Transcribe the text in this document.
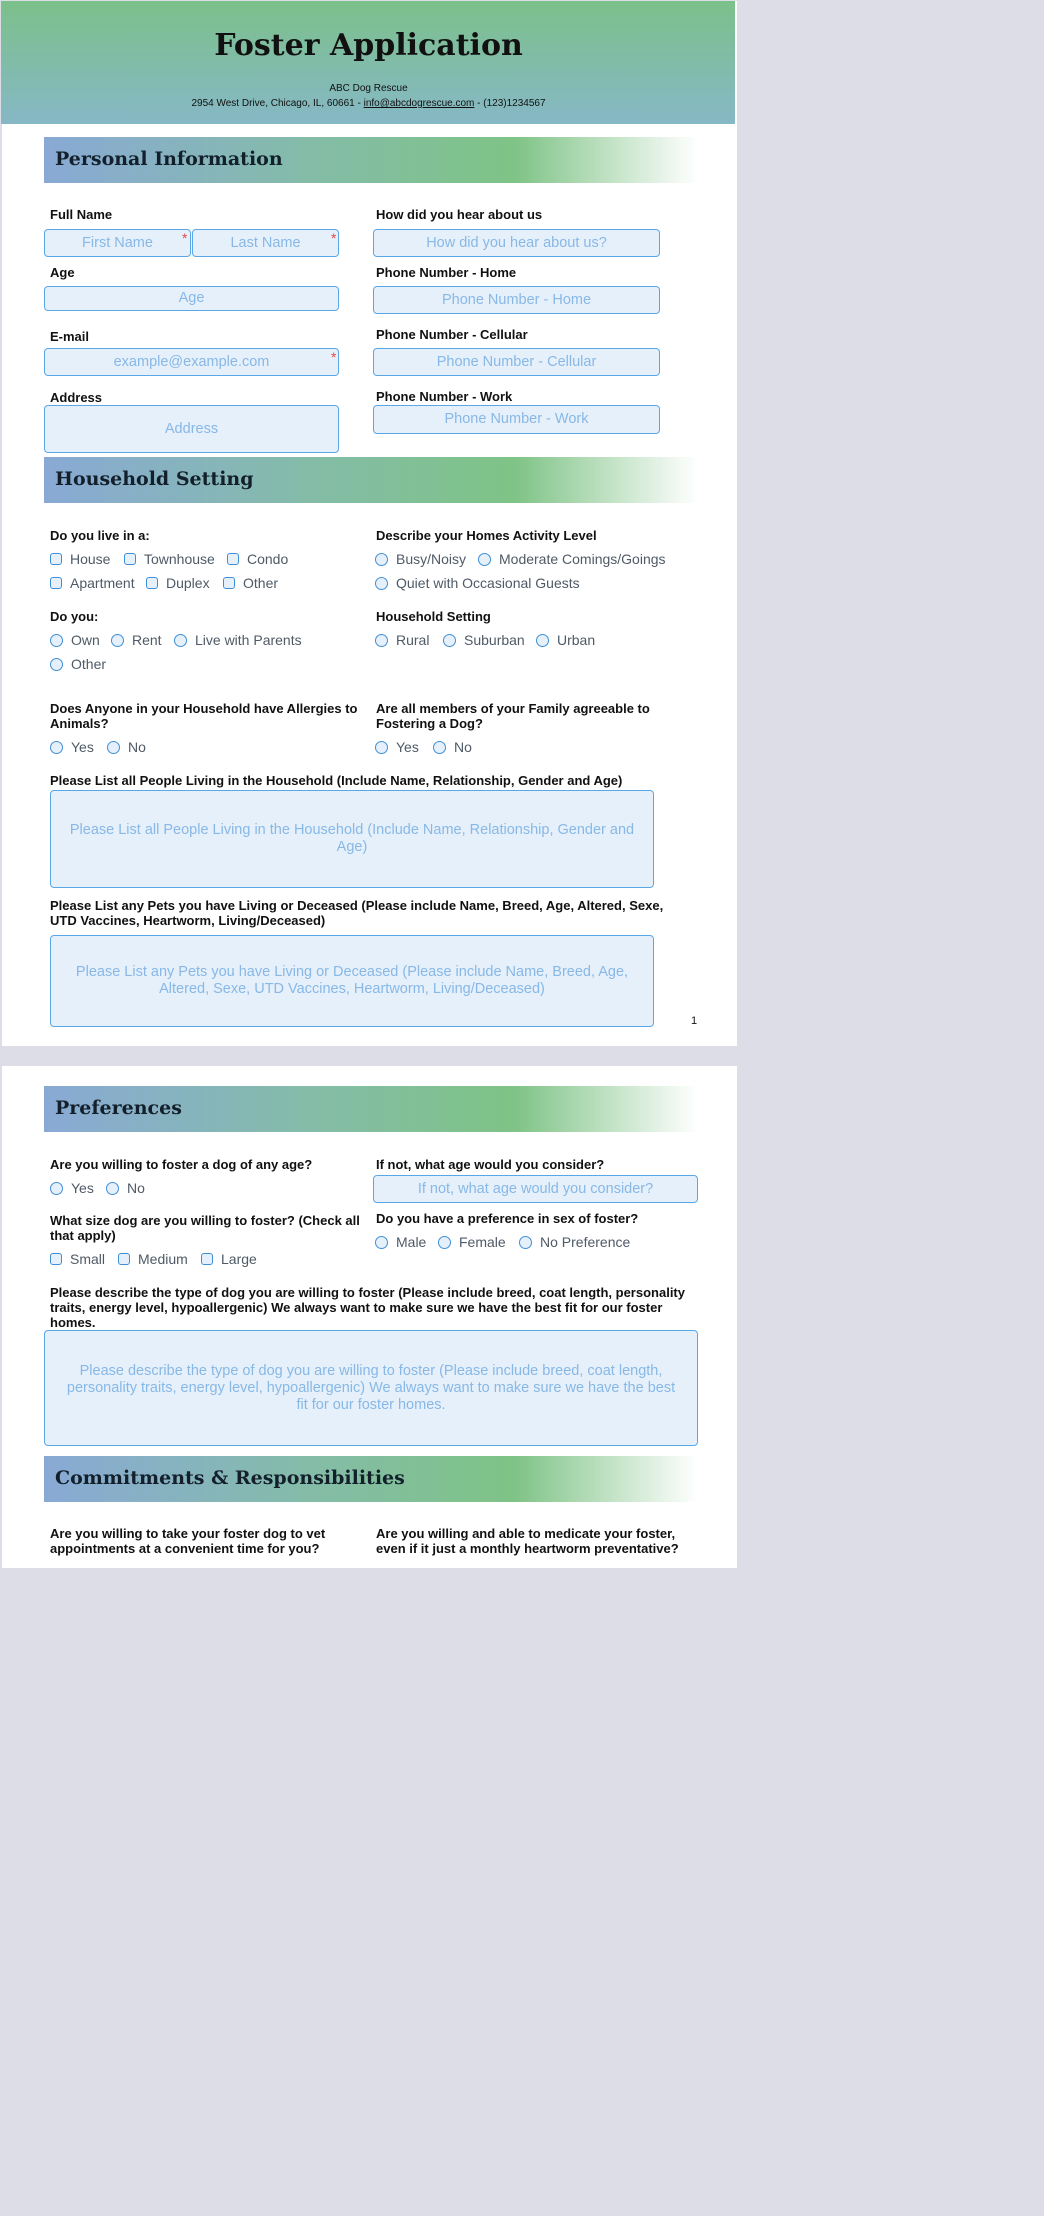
Foster Application
ABC Dog Rescue
2954 West Drive, Chicago, IL, 60661 - info@abcdogrescue.com - (123)1234567
Personal Information
Full Name
First Name	*	Last Name	*
Age
Age
E-mail
example@example.com	*
Address
Address
How did you hear about us
How did you hear about us?
Phone Number - Home
Phone Number - Home
Phone Number - Cellular
Phone Number - Cellular
Phone Number - Work
Phone Number - Work
Household Setting
Do you live in a:
House Townhouse Condo
Apartment Duplex Other
Describe your Homes Activity Level
Busy/Noisy Moderate Comings/Goings
Quiet with Occasional Guests
Do you:
Own Rent Live with Parents
Other
Household Setting
Rural Suburban Urban
Does Anyone in your Household have Allergies to Animals?
Yes No
Are all members of your Family agreeable to Fostering a Dog?
Yes	No
Please List all People Living in the Household (Include Name, Relationship, Gender and Age)
Please List all People Living in the Household (Include Name, Relationship, Gender and Age)
Please List any Pets you have Living or Deceased (Please include Name, Breed, Age, Altered, Sexe, UTD Vaccines, Heartworm, Living/Deceased)
Please List any Pets you have Living or Deceased (Please include Name, Breed, Age, Altered, Sexe, UTD Vaccines, Heartworm, Living/Deceased)
1
Preferences
Are you willing to foster a dog of any age?
Yes No
If not, what age would you consider?
If not, what age would you consider?
What size dog are you willing to foster? (Check all that apply)
Small Medium Large
Do you have a preference in sex of foster?
Male Female No Preference
Please describe the type of dog you are willing to foster (Please include breed, coat length, personality traits, energy level, hypoallergenic) We always want to make sure we have the best fit for our foster homes.
Please describe the type of dog you are willing to foster (Please include breed, coat length, personality traits, energy level, hypoallergenic) We always want to make sure we have the best fit for our foster homes.
Commitments & Responsibilities
Are you willing to take your foster dog to vet appointments at a convenient time for you?
Are you willing and able to medicate your foster, even if it just a monthly heartworm preventative?
